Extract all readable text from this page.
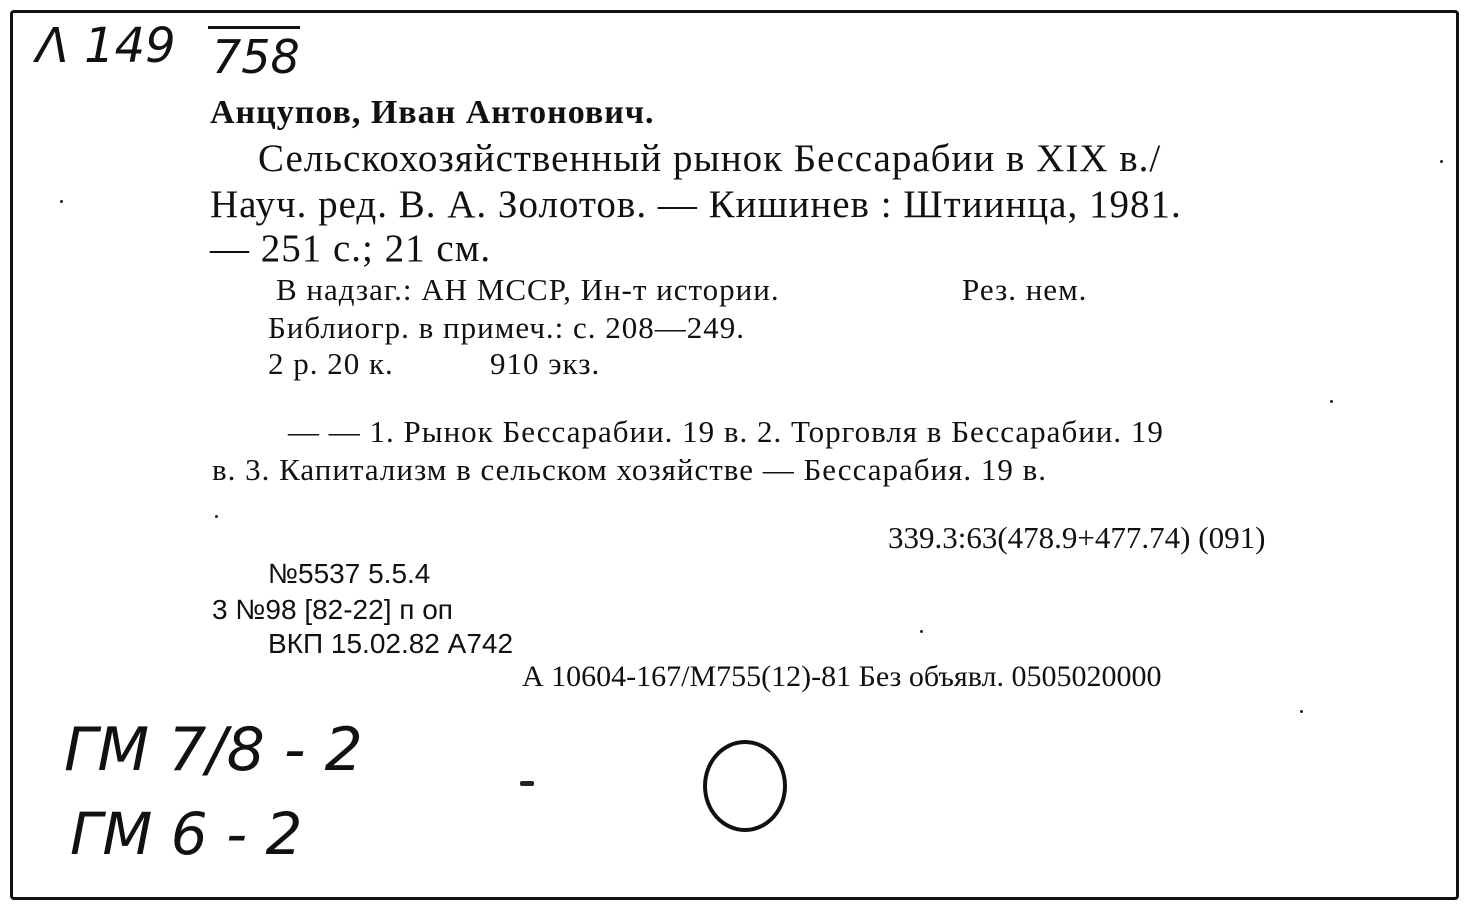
Λ 149 758
Анцупов, Иван Антонович.
Сельскохозяйственный рынок Бессарабии в XIX в./
Науч. ред. В. А. Золотов. — Кишинев : Штиинца, 1981.
— 251 с.; 21 см.
В надзаг.: АН МССР, Ин-т истории.	Рез. нем.
Библиогр. в примеч.: с. 208—249.
2 р. 20 к.	910 экз.
— — 1. Рынок Бессарабии. 19 в. 2. Торговля в Бессарабии. 19
в. 3. Капитализм в сельском хозяйстве — Бессарабия. 19 в.
339.3:63(478.9+477.74) (091)
№5537 5.5.4
3 №98 [82-22] п оп
ВКП 15.02.82 А742
А 10604-167/М755(12)-81 Без объявл. 0505020000
ГМ 7/8 - 2
ГМ 6 - 2
